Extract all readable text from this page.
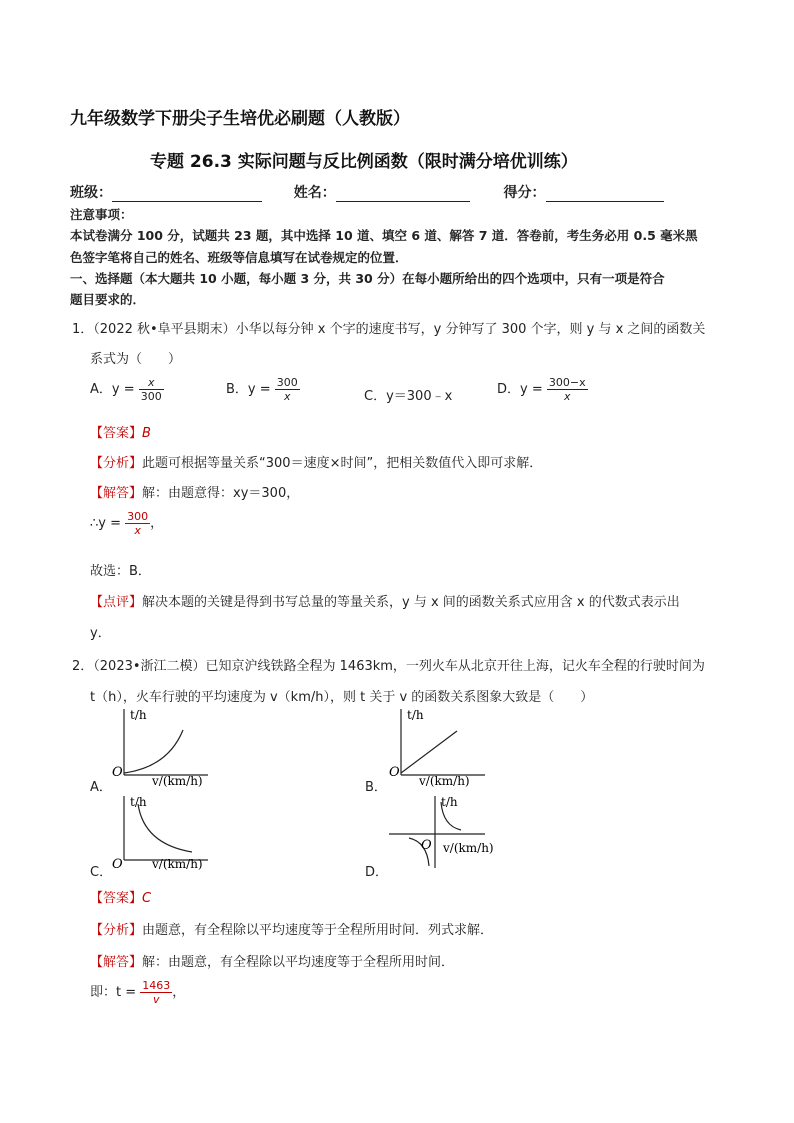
九年级数学下册尖子生培优必刷题（人教版）
专题 26.3 实际问题与反比例函数（限时满分培优训练）
班级：	姓名：	得分：
注意事项：
本试卷满分 100 分，试题共 23 题，其中选择 10 道、填空 6 道、解答 7 道．答卷前，考生务必用 0.5 毫米黑
色签字笔将自己的姓名、班级等信息填写在试卷规定的位置．
一、选择题（本大题共 10 小题，每小题 3 分，共 30 分）在每小题所给出的四个选项中，只有一项是符合
题目要求的．
1．（2022 秋•阜平县期末）小华以每分钟 x 个字的速度书写，y 分钟写了 300 个字，则 y 与 x 之间的函数关
系式为（　　）
A．$y = \frac{x}{300}$	B．$y = \frac{300}{x}$	C．y＝300﹣x	D．$y = \frac{300-x}{x}$
【答案】B
【分析】此题可根据等量关系“300＝速度×时间”，把相关数值代入即可求解．
【解答】解：由题意得：xy＝300，
∴y = $\frac{300}{x}$ ，
故选：B．
【点评】解决本题的关键是得到书写总量的等量关系，y 与 x 间的函数关系式应用含 x 的代数式表示出
y．
2．（2023•浙江二模）已知京沪线铁路全程为 1463km，一列火车从北京开往上海，记火车全程的行驶时间为
t（h），火车行驶的平均速度为 v（km/h），则 t 关于 v 的函数关系图象大致是（　　）
t/h
O
v/(km/h)
A．
t/h
O
v/(km/h)
B．
t/h
O v/(km/h)
C．
t/h
O v/(km/h)
D．
【答案】C
【分析】由题意，有全程除以平均速度等于全程所用时间．列式求解．
【解答】解：由题意，有全程除以平均速度等于全程所用时间．
即：$t = \frac{1463}{v}$ ，
